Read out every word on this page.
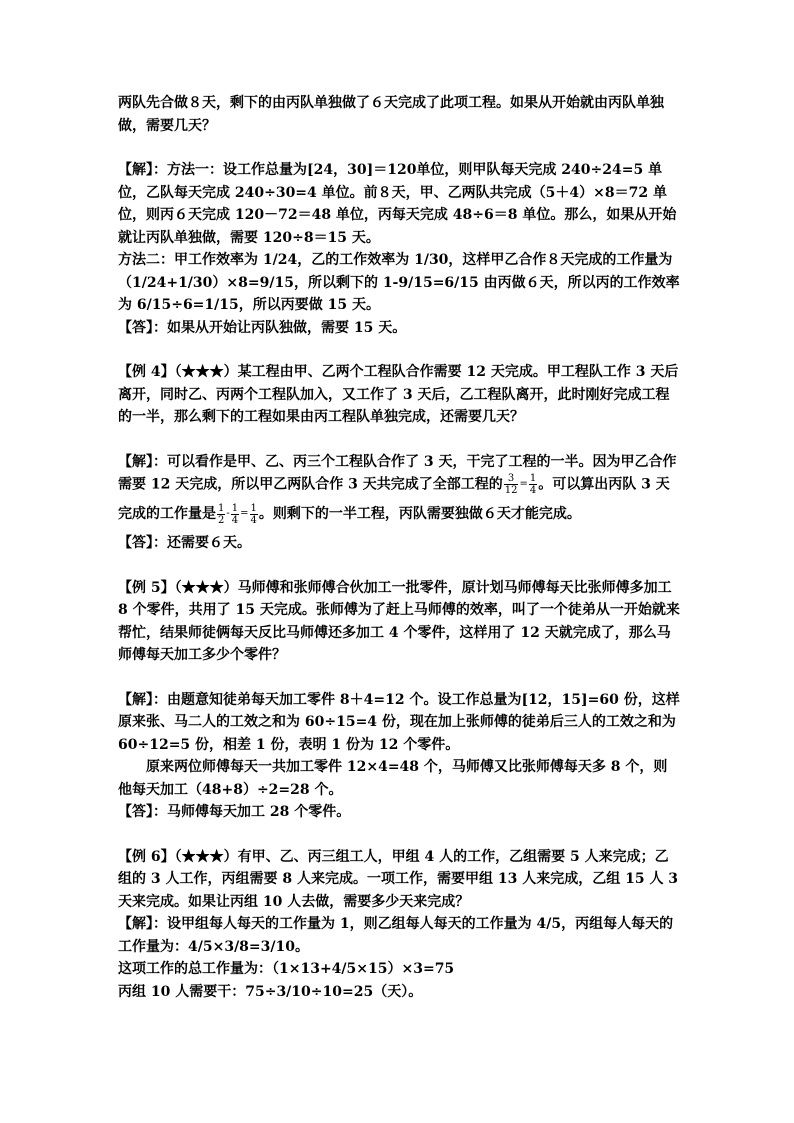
两队先合做８天，剩下的由丙队单独做了６天完成了此项工程。如果从开始就由丙队单独做，需要几天？

【解】：方法一：设工作总量为[24，30]＝120单位，则甲队每天完成 240÷24=5 单位，乙队每天完成 240÷30=4 单位。前８天，甲、乙两队共完成（5＋4）×8＝72 单位，则丙６天完成 120－72＝48 单位，丙每天完成 48÷6＝8 单位。那么，如果从开始就让丙队单独做，需要 120÷8＝15 天。

方法二：甲工作效率为 1/24，乙的工作效率为 1/30，这样甲乙合作８天完成的工作量为（1/24+1/30）×8=9/15，所以剩下的 1-9/15=6/15 由丙做６天，所以丙的工作效率为 6/15÷6=1/15，所以丙要做 15 天。

【答】：如果从开始让丙队独做，需要 15 天。

【例 4】（★★★）某工程由甲、乙两个工程队合作需要 12 天完成。甲工程队工作 3 天后离开，同时乙、丙两个工程队加入，又工作了 3 天后，乙工程队离开，此时刚好完成工程的一半，那么剩下的工程如果由丙工程队单独完成，还需要几天？

【解】：可以看作是甲、乙、丙三个工程队合作了 3 天，干完了工程的一半。因为甲乙合作需要 12 天完成，所以甲乙两队合作 3 天共完成了全部工程的 $\frac{3}{12} = \frac{1}{4}$ 。可以算出丙队 3 天

完成的工作量是 $\frac{1}{2} - \frac{1}{4} = \frac{1}{4}$ 。则剩下的一半工程，丙队需要独做６天才能完成。

【答】：还需要６天。

【例 5】（★★★）马师傅和张师傅合伙加工一批零件，原计划马师傅每天比张师傅多加工 8 个零件，共用了 15 天完成。张师傅为了赶上马师傅的效率，叫了一个徒弟从一开始就来帮忙，结果师徒俩每天反比马师傅还多加工 4 个零件，这样用了 12 天就完成了，那么马师傅每天加工多少个零件？

【解】：由题意知徒弟每天加工零件 8＋4=12 个。设工作总量为[12，15]=60 份，这样原来张、马二人的工效之和为 60÷15=4 份，现在加上张师傅的徒弟后三人的工效之和为 60÷12=5 份，相差 1 份，表明 1 份为 12 个零件。

原来两位师傅每天一共加工零件 12×4=48 个，马师傅又比张师傅每天多 8 个，则他每天加工（48+8）÷2=28 个。

【答】：马师傅每天加工 28 个零件。

【例 6】（★★★）有甲、乙、丙三组工人，甲组 4 人的工作，乙组需要 5 人来完成；乙组的 3 人工作，丙组需要 8 人来完成。一项工作，需要甲组 13 人来完成，乙组 15 人 3 天来完成。如果让丙组 10 人去做，需要多少天来完成？

【解】：设甲组每人每天的工作量为 1，则乙组每人每天的工作量为 4/5，丙组每人每天的工作量为：4/5×3/8=3/10。

这项工作的总工作量为：（1×13+4/5×15）×3=75

丙组 10 人需要干：75÷3/10÷10=25（天）。
